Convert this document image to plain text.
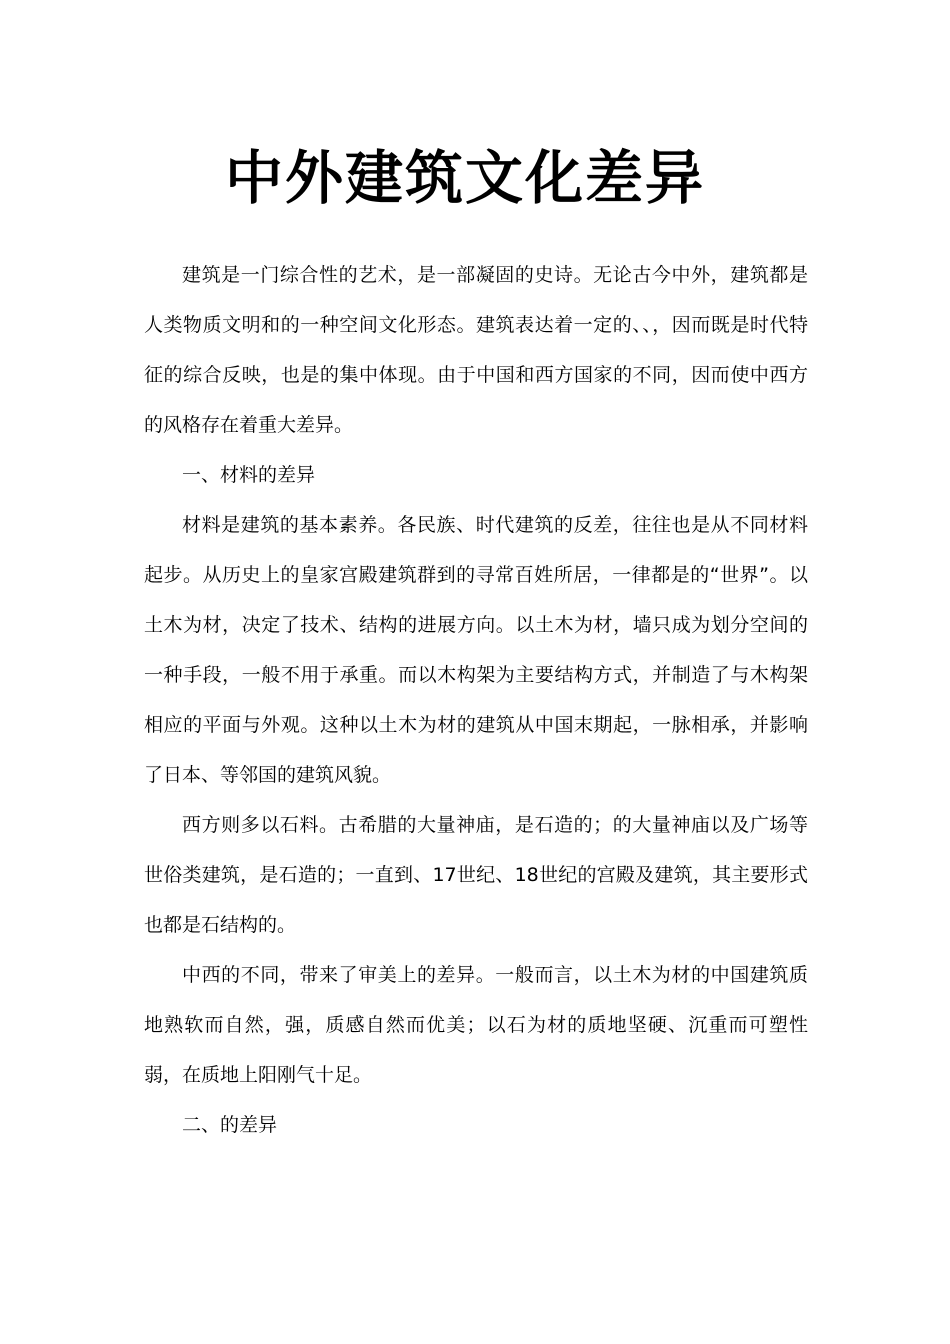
中外建筑文化差异

建筑是一门综合性的艺术，是一部凝固的史诗。无论古今中外，建筑都是人类物质文明和的一种空间文化形态。建筑表达着一定的、、，因而既是时代特征的综合反映，也是的集中体现。由于中国和西方国家的不同，因而使中西方的风格存在着重大差异。

一、材料的差异

材料是建筑的基本素养。各民族、时代建筑的反差，往往也是从不同材料起步。从历史上的皇家宫殿建筑群到的寻常百姓所居，一律都是的“世界”。以土木为材，决定了技术、结构的进展方向。以土木为材，墙只成为划分空间的一种手段，一般不用于承重。而以木构架为主要结构方式，并制造了与木构架相应的平面与外观。这种以土木为材的建筑从中国末期起，一脉相承，并影响了日本、等邻国的建筑风貌。

西方则多以石料。古希腊的大量神庙，是石造的；的大量神庙以及广场等世俗类建筑，是石造的；一直到、17世纪、18世纪的宫殿及建筑，其主要形式也都是石结构的。

中西的不同，带来了审美上的差异。一般而言，以土木为材的中国建筑质地熟软而自然，强，质感自然而优美；以石为材的质地坚硬、沉重而可塑性弱，在质地上阳刚气十足。

二、的差异
